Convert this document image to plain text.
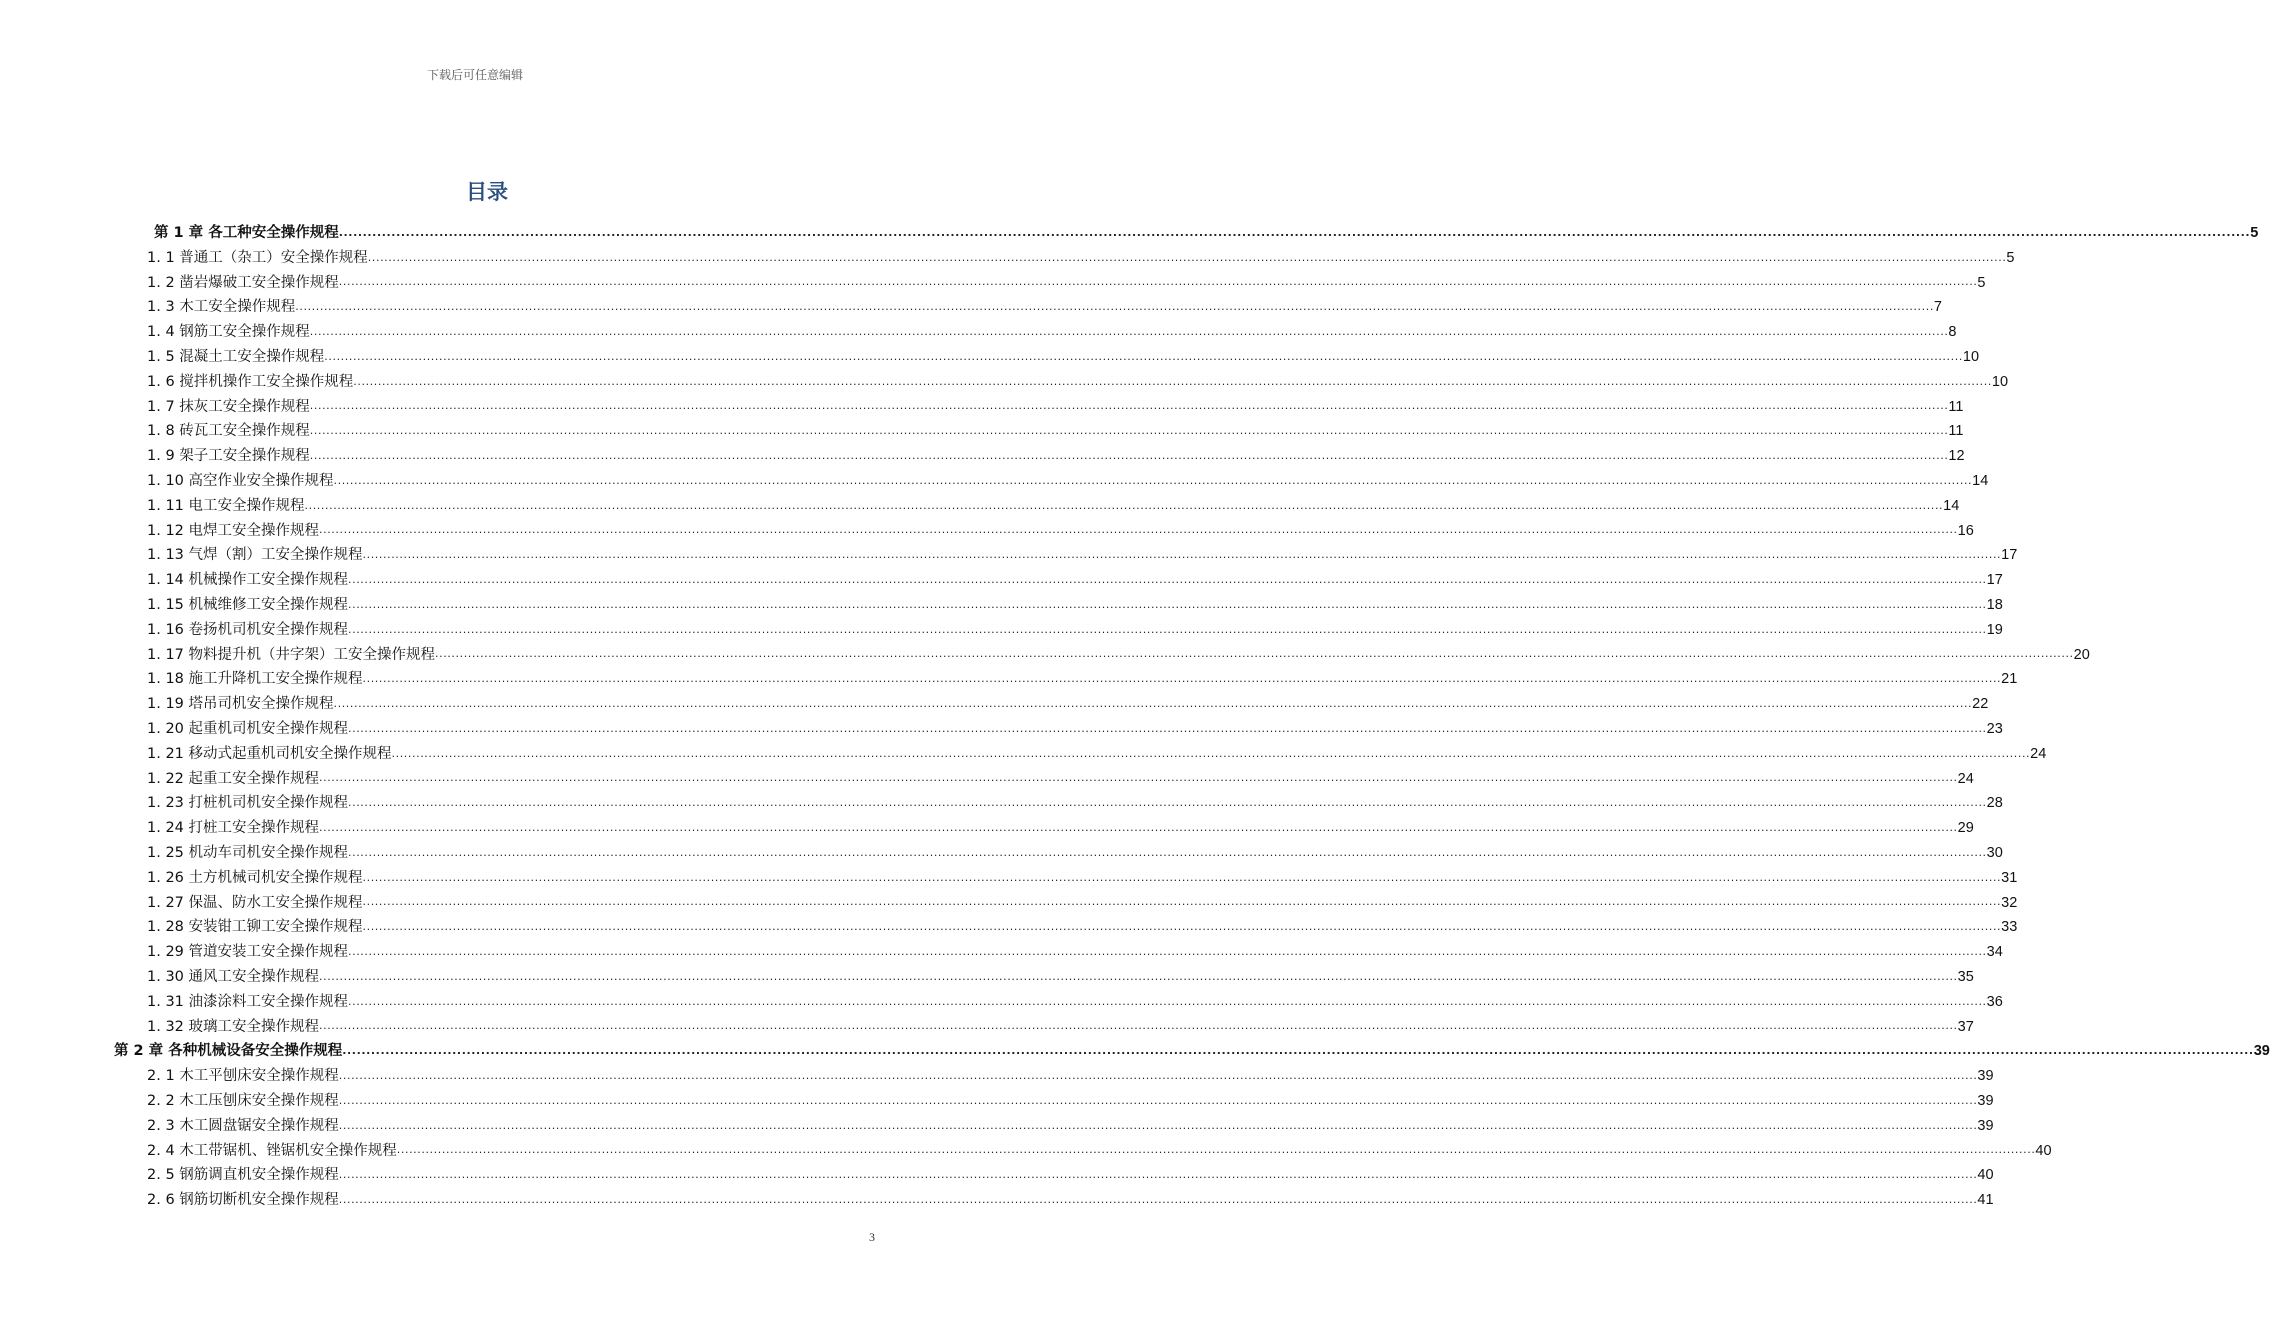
下载后可任意编辑
目录
第 1 章 各工种安全操作规程 ................................................................................................................................................................................................................................................................................................................................................................................................................ 5
1. 1 普通工（杂工）安全操作规程 ................................................................................................................................................................................................................................................................................................................................................................................................................ 5
1. 2 凿岩爆破工安全操作规程 ................................................................................................................................................................................................................................................................................................................................................................................................................ 5
1. 3 木工安全操作规程 ................................................................................................................................................................................................................................................................................................................................................................................................................ 7
1. 4 钢筋工安全操作规程 ................................................................................................................................................................................................................................................................................................................................................................................................................ 8
1. 5 混凝土工安全操作规程 ................................................................................................................................................................................................................................................................................................................................................................................................................ 10
1. 6 搅拌机操作工安全操作规程 ................................................................................................................................................................................................................................................................................................................................................................................................................ 10
1. 7 抹灰工安全操作规程 ................................................................................................................................................................................................................................................................................................................................................................................................................ 11
1. 8 砖瓦工安全操作规程 ................................................................................................................................................................................................................................................................................................................................................................................................................ 11
1. 9 架子工安全操作规程 ................................................................................................................................................................................................................................................................................................................................................................................................................ 12
1. 10 高空作业安全操作规程 ................................................................................................................................................................................................................................................................................................................................................................................................................ 14
1. 11 电工安全操作规程 ................................................................................................................................................................................................................................................................................................................................................................................................................ 14
1. 12 电焊工安全操作规程 ................................................................................................................................................................................................................................................................................................................................................................................................................ 16
1. 13 气焊（割）工安全操作规程 ................................................................................................................................................................................................................................................................................................................................................................................................................ 17
1. 14 机械操作工安全操作规程 ................................................................................................................................................................................................................................................................................................................................................................................................................ 17
1. 15 机械维修工安全操作规程 ................................................................................................................................................................................................................................................................................................................................................................................................................ 18
1. 16 卷扬机司机安全操作规程 ................................................................................................................................................................................................................................................................................................................................................................................................................ 19
1. 17 物料提升机（井字架）工安全操作规程 ................................................................................................................................................................................................................................................................................................................................................................................................................ 20
1. 18 施工升降机工安全操作规程 ................................................................................................................................................................................................................................................................................................................................................................................................................ 21
1. 19 塔吊司机安全操作规程 ................................................................................................................................................................................................................................................................................................................................................................................................................ 22
1. 20 起重机司机安全操作规程 ................................................................................................................................................................................................................................................................................................................................................................................................................ 23
1. 21 移动式起重机司机安全操作规程 ................................................................................................................................................................................................................................................................................................................................................................................................................ 24
1. 22 起重工安全操作规程 ................................................................................................................................................................................................................................................................................................................................................................................................................ 24
1. 23 打桩机司机安全操作规程 ................................................................................................................................................................................................................................................................................................................................................................................................................ 28
1. 24 打桩工安全操作规程 ................................................................................................................................................................................................................................................................................................................................................................................................................ 29
1. 25 机动车司机安全操作规程 ................................................................................................................................................................................................................................................................................................................................................................................................................ 30
1. 26 土方机械司机安全操作规程 ................................................................................................................................................................................................................................................................................................................................................................................................................ 31
1. 27 保温、防水工安全操作规程 ................................................................................................................................................................................................................................................................................................................................................................................................................ 32
1. 28 安装钳工铆工安全操作规程 ................................................................................................................................................................................................................................................................................................................................................................................................................ 33
1. 29 管道安装工安全操作规程 ................................................................................................................................................................................................................................................................................................................................................................................................................ 34
1. 30 通风工安全操作规程 ................................................................................................................................................................................................................................................................................................................................................................................................................ 35
1. 31 油漆涂料工安全操作规程 ................................................................................................................................................................................................................................................................................................................................................................................................................ 36
1. 32 玻璃工安全操作规程 ................................................................................................................................................................................................................................................................................................................................................................................................................ 37
第 2 章 各种机械设备安全操作规程 ................................................................................................................................................................................................................................................................................................................................................................................................................ 39
2. 1 木工平刨床安全操作规程 ................................................................................................................................................................................................................................................................................................................................................................................................................ 39
2. 2 木工压刨床安全操作规程 ................................................................................................................................................................................................................................................................................................................................................................................................................ 39
2. 3 木工圆盘锯安全操作规程 ................................................................................................................................................................................................................................................................................................................................................................................................................ 39
2. 4 木工带锯机、锉锯机安全操作规程 ................................................................................................................................................................................................................................................................................................................................................................................................................ 40
2. 5 钢筋调直机安全操作规程 ................................................................................................................................................................................................................................................................................................................................................................................................................ 40
2. 6 钢筋切断机安全操作规程 ................................................................................................................................................................................................................................................................................................................................................................................................................ 41
3
